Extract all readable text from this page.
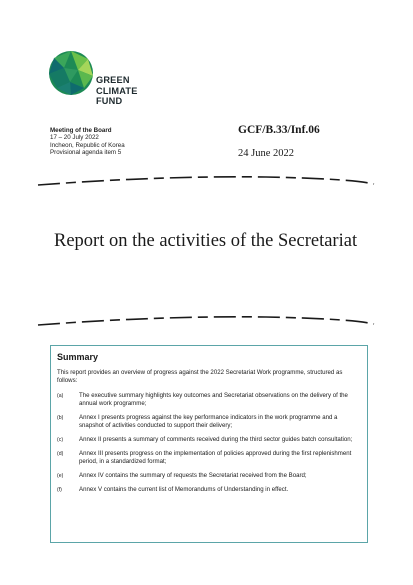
GREEN
CLIMATE
FUND
Meeting of the Board
17 – 20 July 2022
Incheon, Republic of Korea
Provisional agenda item 5
GCF/B.33/Inf.06
24 June 2022
Report on the activities of the Secretariat
Summary
This report provides an overview of progress against the 2022 Secretariat Work programme, structured as follows:
(a)	The executive summary highlights key outcomes and Secretariat observations on the delivery of the annual work programme;
(b)	Annex I presents progress against the key performance indicators in the work programme and a snapshot of activities conducted to support their delivery;
(c)	Annex II presents a summary of comments received during the third sector guides batch consultation;
(d)	Annex III presents progress on the implementation of policies approved during the first replenishment period, in a standardized format;
(e)	Annex IV contains the summary of requests the Secretariat received from the Board;
(f)	Annex V contains the current list of Memorandums of Understanding in effect.
